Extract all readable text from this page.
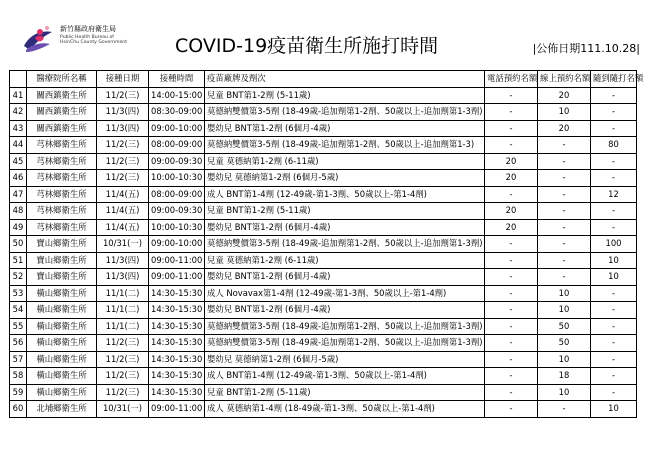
新竹縣政府衛生局
Public Health Bureau of
HsinChu County Government	COVID-19疫苗衛生所施打時間	|公佈日期111.10.28|
	醫療院所名稱	接種日期	接種時間	疫苗廠牌及劑次	電話預約名額	線上預約名額	隨到隨打名額
41	關西鎮衛生所	11/2(三)	14:00-15:00	兒童 BNT第1-2劑 (5-11歲)	-	20	-
42	關西鎮衛生所	11/3(四)	08:30-09:00	莫德納雙價第3-5劑 (18-49歲-追加劑第1-2劑、50歲以上-追加劑第1-3劑)	-	10	-
43	關西鎮衛生所	11/3(四)	09:00-10:00	嬰幼兒 BNT第1-2劑 (6個月-4歲)	-	20	-
44	芎林鄉衛生所	11/2(三)	08:00-09:00	莫德納雙價第3-5劑 (18-49歲-追加劑第1-2劑、50歲以上-追加劑第1-3)	-	-	80
45	芎林鄉衛生所	11/2(三)	09:00-09:30	兒童 莫德納第1-2劑 (6-11歲)	20	-	-
46	芎林鄉衛生所	11/2(三)	10:00-10:30	嬰幼兒 莫德納第1-2劑 (6個月-5歲)	20	-	-
47	芎林鄉衛生所	11/4(五)	08:00-09:00	成人 BNT第1-4劑 (12-49歲-第1-3劑、50歲以上-第1-4劑)	-	-	12
48	芎林鄉衛生所	11/4(五)	09:00-09:30	兒童 BNT第1-2劑 (5-11歲)	20	-	-
49	芎林鄉衛生所	11/4(五)	10:00-10:30	嬰幼兒 BNT第1-2劑 (6個月-4歲)	20	-	-
50	寶山鄉衛生所	10/31(一)	09:00-10:00	莫德納雙價第3-5劑 (18-49歲-追加劑第1-2劑、50歲以上-追加劑第1-3劑)	-	-	100
51	寶山鄉衛生所	11/3(四)	09:00-11:00	兒童 莫德納第1-2劑 (6-11歲)	-	-	10
52	寶山鄉衛生所	11/3(四)	09:00-11:00	嬰幼兒 BNT第1-2劑 (6個月-4歲)	-	-	10
53	橫山鄉衛生所	11/1(二)	14:30-15:30	成人 Novavax第1-4劑 (12-49歲-第1-3劑、50歲以上-第1-4劑)	-	10	-
54	橫山鄉衛生所	11/1(二)	14:30-15:30	嬰幼兒 BNT第1-2劑 (6個月-4歲)	-	10	-
55	橫山鄉衛生所	11/1(二)	14:30-15:30	莫德納雙價第3-5劑 (18-49歲-追加劑第1-2劑、50歲以上-追加劑第1-3劑)	-	50	-
56	橫山鄉衛生所	11/2(三)	14:30-15:30	莫德納雙價第3-5劑 (18-49歲-追加劑第1-2劑、50歲以上-追加劑第1-3劑)	-	50	-
57	橫山鄉衛生所	11/2(三)	14:30-15:30	嬰幼兒 莫德納第1-2劑 (6個月-5歲)	-	10	-
58	橫山鄉衛生所	11/2(三)	14:30-15:30	成人 BNT第1-4劑 (12-49歲-第1-3劑、50歲以上-第1-4劑)	-	18	-
59	橫山鄉衛生所	11/2(三)	14:30-15:30	兒童 BNT第1-2劑 (5-11歲)	-	10	-
60	北埔鄉衛生所	10/31(一)	09:00-11:00	成人 莫德納第1-4劑 (18-49歲-第1-3劑、50歲以上-第1-4劑)	-	-	10
